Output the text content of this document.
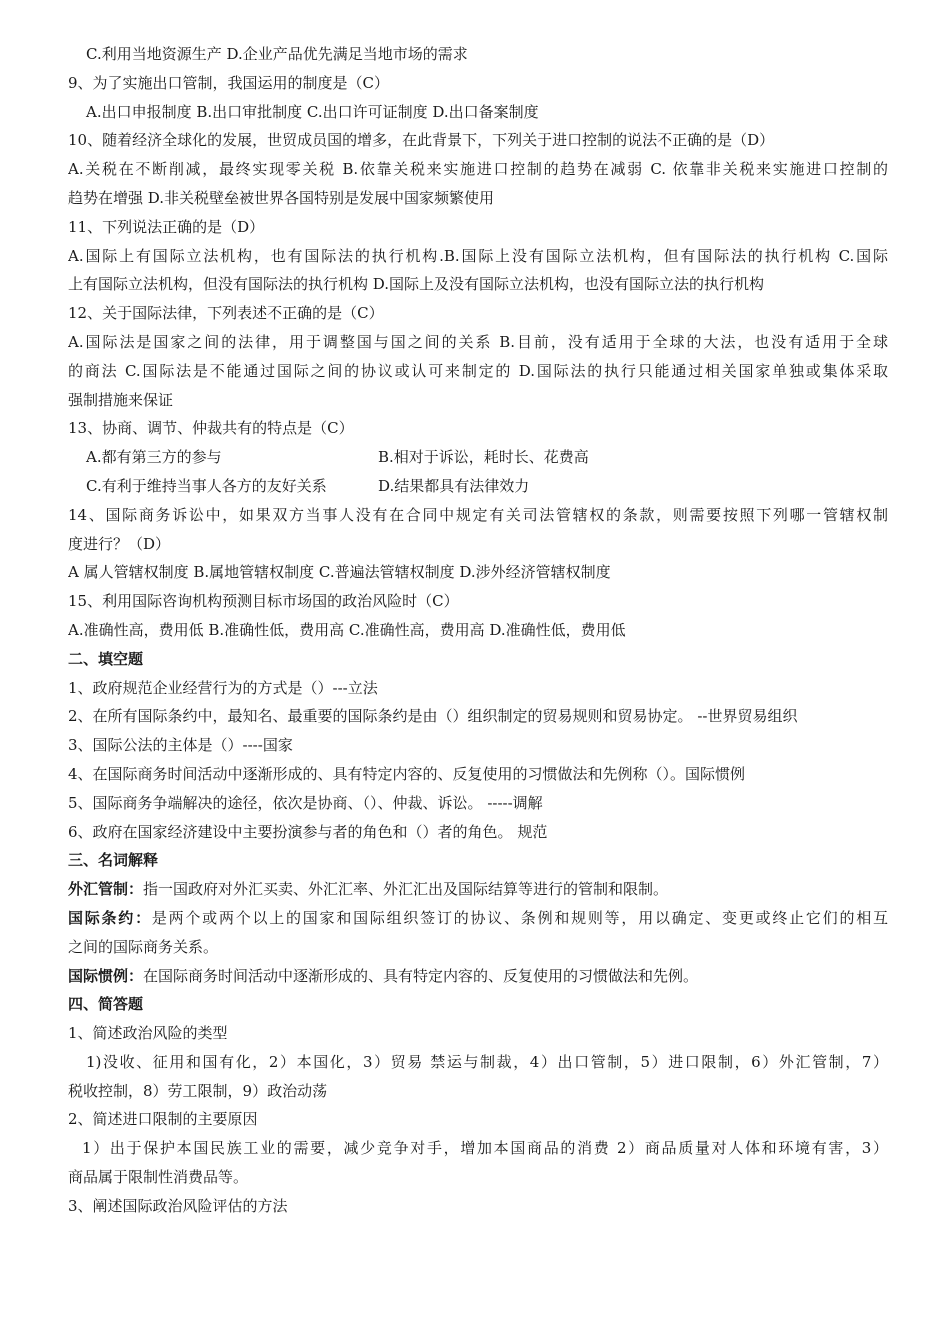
C.利用当地资源生产 D.企业产品优先满足当地市场的需求
9、为了实施出口管制，我国运用的制度是（C）
A.出口申报制度 B.出口审批制度 C.出口许可证制度 D.出口备案制度
10、随着经济全球化的发展，世贸成员国的增多，在此背景下，下列关于进口控制的说法不正确的是（D）
A.关税在不断削减，最终实现零关税 B.依靠关税来实施进口控制的趋势在减弱 C. 依靠非关税来实施进口控制的
趋势在增强 D.非关税壁垒被世界各国特别是发展中国家频繁使用
11、下列说法正确的是（D）
A.国际上有国际立法机构，也有国际法的执行机构.B.国际上没有国际立法机构，但有国际法的执行机构 C.国际
上有国际立法机构，但没有国际法的执行机构 D.国际上及没有国际立法机构，也没有国际立法的执行机构
12、关于国际法律，下列表述不正确的是（C）
A.国际法是国家之间的法律，用于调整国与国之间的关系 B.目前，没有适用于全球的大法，也没有适用于全球
的商法 C.国际法是不能通过国际之间的协议或认可来制定的 D.国际法的执行只能通过相关国家单独或集体采取
强制措施来保证
13、协商、调节、仲裁共有的特点是（C）
A.都有第三方的参与	B.相对于诉讼，耗时长、花费高
C.有利于维持当事人各方的友好关系	D.结果都具有法律效力
14、国际商务诉讼中，如果双方当事人没有在合同中规定有关司法管辖权的条款，则需要按照下列哪一管辖权制
度进行？（D）
A 属人管辖权制度 B.属地管辖权制度 C.普遍法管辖权制度 D.涉外经济管辖权制度
15、利用国际咨询机构预测目标市场国的政治风险时（C）
A.准确性高，费用低 B.准确性低，费用高 C.准确性高，费用高 D.准确性低，费用低
二、填空题
1、政府规范企业经营行为的方式是（）---立法
2、在所有国际条约中，最知名、最重要的国际条约是由（）组织制定的贸易规则和贸易协定。 --世界贸易组织
3、国际公法的主体是（）----国家
4、在国际商务时间活动中逐渐形成的、具有特定内容的、反复使用的习惯做法和先例称（）。国际惯例
5、国际商务争端解决的途径，依次是协商、（）、仲裁、诉讼。 -----调解
6、政府在国家经济建设中主要扮演参与者的角色和（）者的角色。 规范
三、名词解释
外汇管制：指一国政府对外汇买卖、外汇汇率、外汇汇出及国际结算等进行的管制和限制。
国际条约：是两个或两个以上的国家和国际组织签订的协议、条例和规则等，用以确定、变更或终止它们的相互
之间的国际商务关系。
国际惯例：在国际商务时间活动中逐渐形成的、具有特定内容的、反复使用的习惯做法和先例。
四、简答题
1、简述政治风险的类型
1)没收、征用和国有化，2）本国化，3）贸易 禁运与制裁，4）出口管制，5）进口限制，6）外汇管制，7）
税收控制，8）劳工限制，9）政治动荡
2、简述进口限制的主要原因
1）出于保护本国民族工业的需要，减少竞争对手，增加本国商品的消费 2）商品质量对人体和环境有害，3）
商品属于限制性消费品等。
3、阐述国际政治风险评估的方法
